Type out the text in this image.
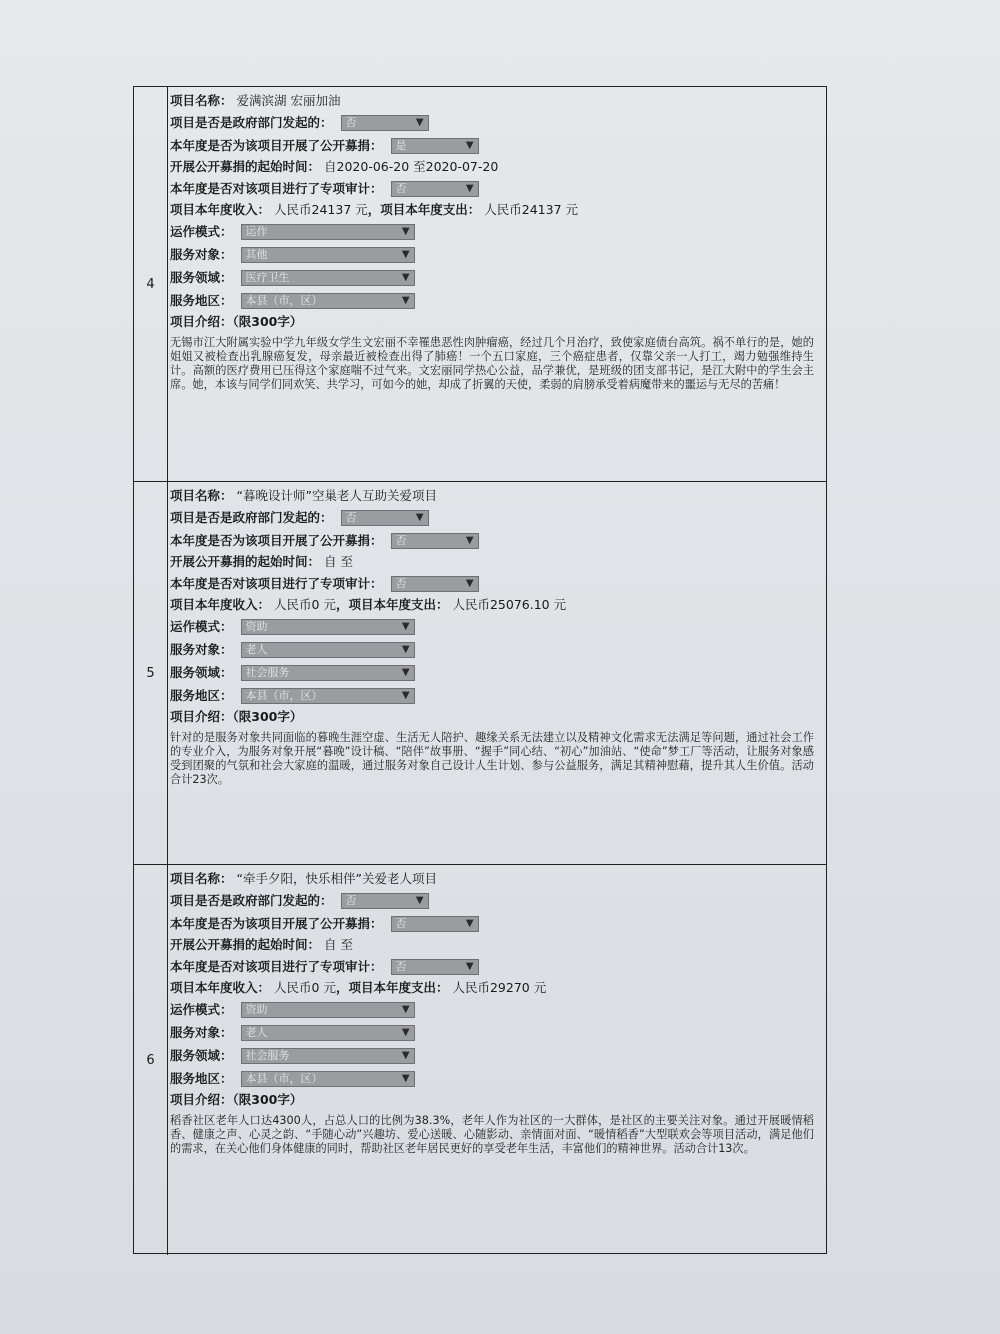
4
项目名称： 爱满滨湖 宏丽加油
项目是否是政府部门发起的： 否	▼
本年度是否为该项目开展了公开募捐： 是	▼
开展公开募捐的起始时间： 自2020-06-20 至2020-07-20
本年度是否对该项目进行了专项审计： 否	▼
项目本年度收入： 人民币24137 元 ，项目本年度支出： 人民币24137 元
运作模式： 运作	▼
服务对象： 其他	▼
服务领域： 医疗卫生	▼
服务地区： 本县（市，区）	▼
项目介绍：（限300字）
无锡市江大附属实验中学九年级女学生文宏丽不幸罹患恶性肉肿瘤癌，经过几个月治疗，致使家庭债台高筑。祸不单行的是，她的姐姐又被检查出乳腺癌复发，母亲最近被检查出得了肺癌！一个五口家庭，三个癌症患者，仅靠父亲一人打工，竭力勉强维持生计。高额的医疗费用已压得这个家庭喘不过气来。文宏丽同学热心公益，品学兼优，是班级的团支部书记，是江大附中的学生会主席。她，本该与同学们同欢笑、共学习，可如今的她，却成了折翼的天使，柔弱的肩膀承受着病魔带来的噩运与无尽的苦痛！
5
项目名称： “暮晚设计师”空巢老人互助关爱项目
项目是否是政府部门发起的： 否	▼
本年度是否为该项目开展了公开募捐： 否	▼
开展公开募捐的起始时间： 自 至
本年度是否对该项目进行了专项审计： 否	▼
项目本年度收入： 人民币0 元 ，项目本年度支出： 人民币25076.10 元
运作模式： 资助	▼
服务对象： 老人	▼
服务领域： 社会服务	▼
服务地区： 本县（市，区）	▼
项目介绍：（限300字）
针对的是服务对象共同面临的暮晚生涯空虚、生活无人陪护、趣缘关系无法建立以及精神文化需求无法满足等问题，通过社会工作的专业介入，为服务对象开展“暮晚”设计稿、“陪伴”故事册、“握手”同心结、“初心”加油站、“使命”梦工厂等活动，让服务对象感受到团聚的气氛和社会大家庭的温暖，通过服务对象自己设计人生计划、参与公益服务，满足其精神慰藉，提升其人生价值。活动合计23次。
6
项目名称： “牵手夕阳，快乐相伴”关爱老人项目
项目是否是政府部门发起的： 否	▼
本年度是否为该项目开展了公开募捐： 否	▼
开展公开募捐的起始时间： 自 至
本年度是否对该项目进行了专项审计： 否	▼
项目本年度收入： 人民币0 元 ，项目本年度支出： 人民币29270 元
运作模式： 资助	▼
服务对象： 老人	▼
服务领域： 社会服务	▼
服务地区： 本县（市，区）	▼
项目介绍：（限300字）
稻香社区老年人口达4300人，占总人口的比例为38.3%，老年人作为社区的一大群体，是社区的主要关注对象。通过开展暖情稻香、健康之声、心灵之韵、“手随心动”兴趣坊、爱心送暖、心随影动、亲情面对面、“暖情稻香”大型联欢会等项目活动，满足他们的需求，在关心他们身体健康的同时，帮助社区老年居民更好的享受老年生活，丰富他们的精神世界。活动合计13次。
